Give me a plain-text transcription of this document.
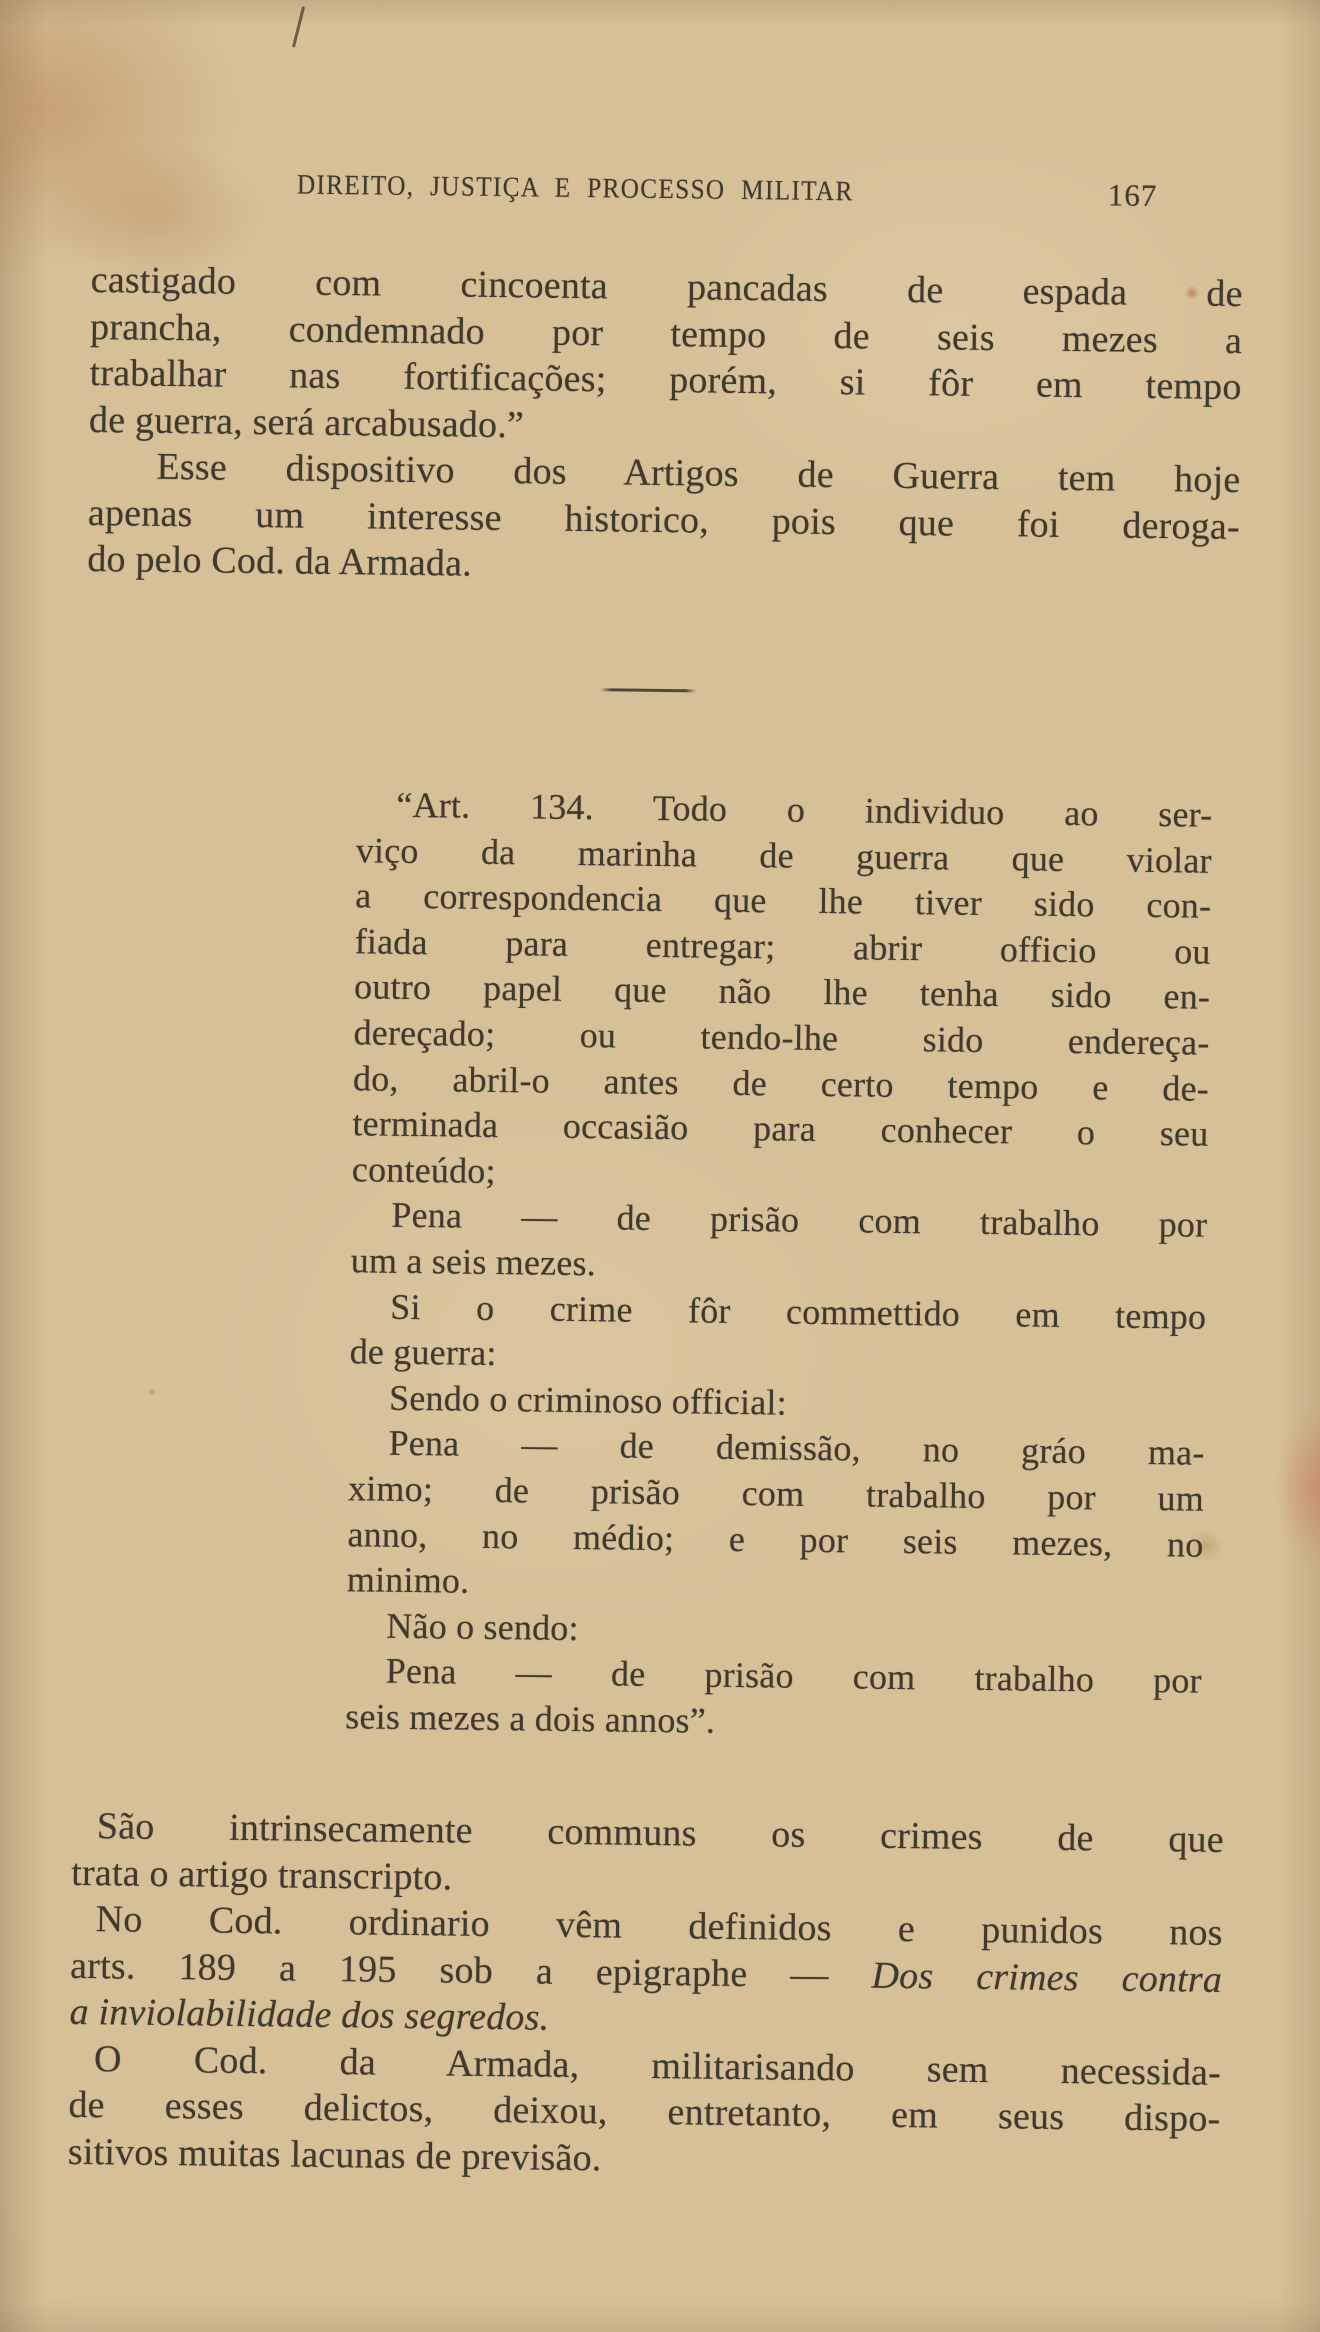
DIREITO, JUSTIÇA E PROCESSO MILITAR	167
castigado com cincoenta pancadas de espada de
prancha, condemnado por tempo de seis mezes a
trabalhar nas fortificações; porém, si fôr em tempo
de guerra, será arcabusado.”
Esse dispositivo dos Artigos de Guerra tem hoje
apenas um interesse historico, pois que foi deroga-
do pelo Cod. da Armada.
“Art. 134. Todo o individuo ao ser-
viço da marinha de guerra que violar
a correspondencia que lhe tiver sido con-
fiada para entregar; abrir officio ou
outro papel que não lhe tenha sido en-
dereçado; ou tendo-lhe sido endereça-
do, abril-o antes de certo tempo e de-
terminada occasião para conhecer o seu
conteúdo;
Pena — de prisão com trabalho por
um a seis mezes.
Si o crime fôr commettido em tempo
de guerra:
Sendo o criminoso official:
Pena — de demissão, no gráo ma-
ximo; de prisão com trabalho por um
anno, no médio; e por seis mezes, no
minimo.
Não o sendo:
Pena — de prisão com trabalho por
seis mezes a dois annos”.
São intrinsecamente communs os crimes de que
trata o artigo transcripto.
No Cod. ordinario vêm definidos e punidos nos
arts. 189 a 195 sob a epigraphe — Dos crimes contra
a inviolabilidade dos segredos.
O Cod. da Armada, militarisando sem necessida-
de esses delictos, deixou, entretanto, em seus dispo-
sitivos muitas lacunas de previsão.
